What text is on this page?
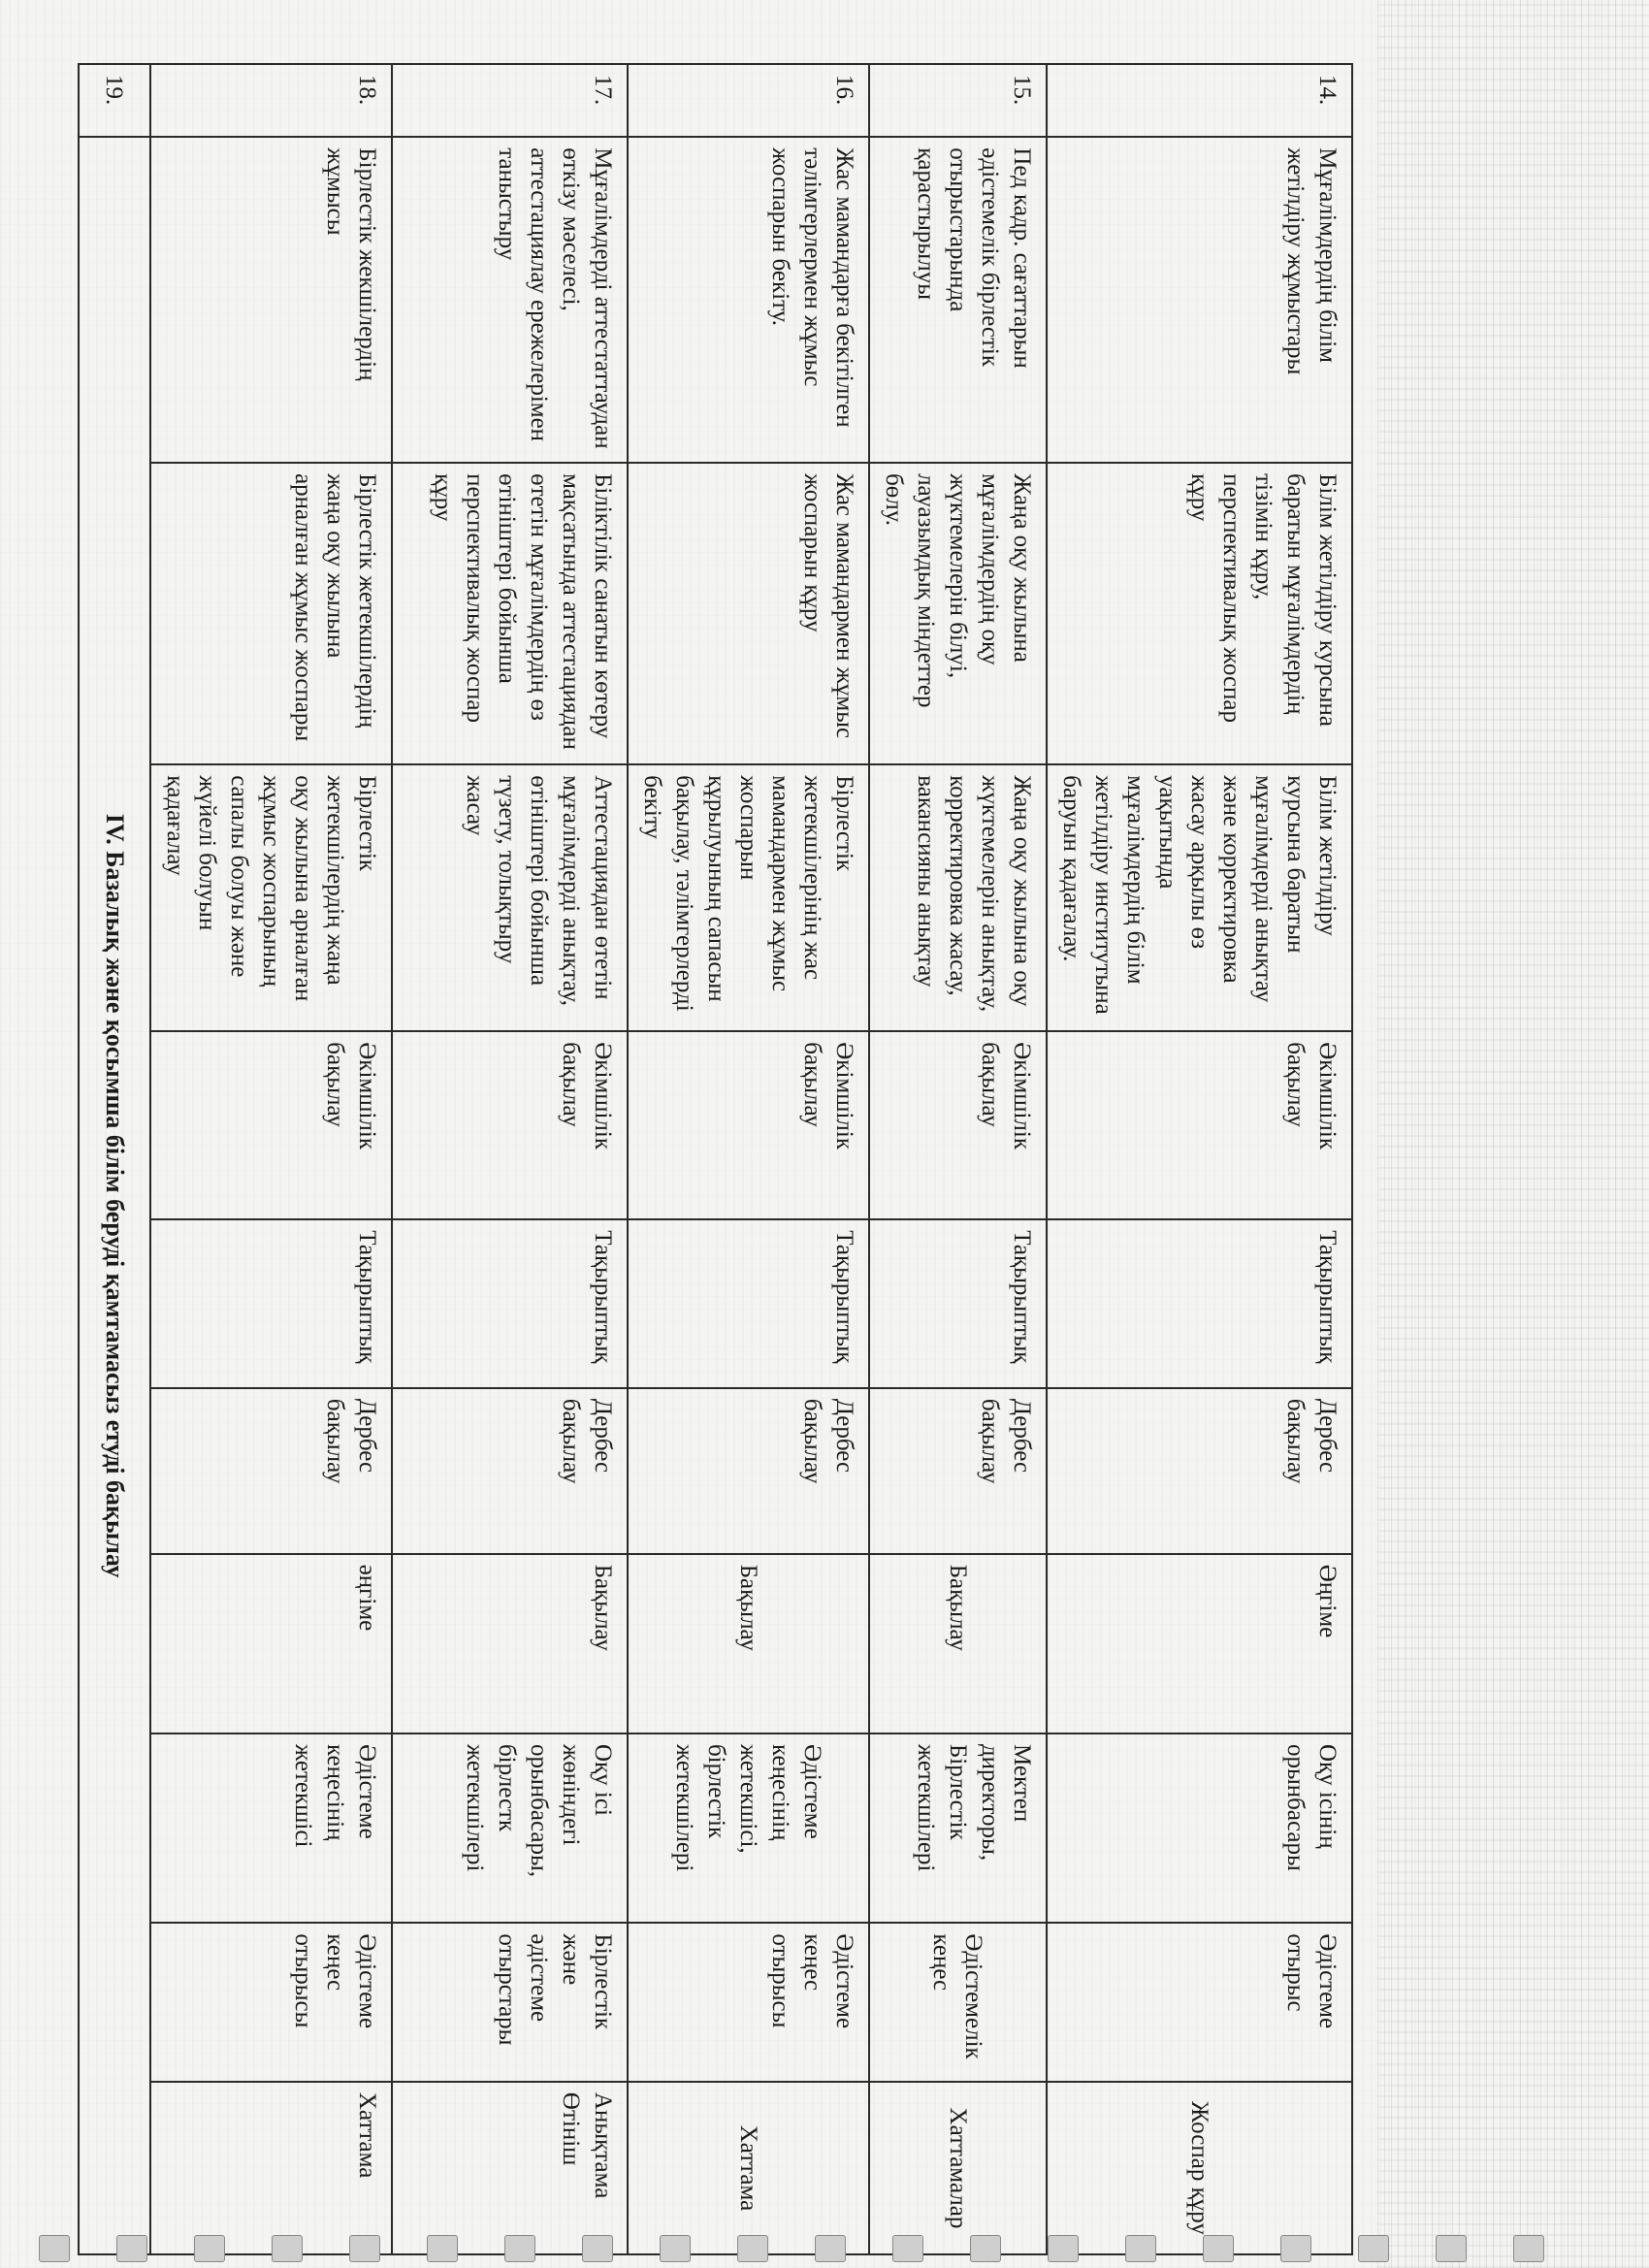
14.	Мұғалімдердің білім жетілдіру жұмыстары	Білім жетілдіру курсына баратын мұғалімдердің тізімін құру, перспективалық жоспар құру	Білім жетілдіру курсына баратын мұғалімдерді анықтау және корректировка жасау арқылы өз уақытында мұғалімдердің білім жетілдіру институтына баруын қадағалау.	Әкімшілік бақылау	Тақырыптық	Дербес бақылау	Әңгіме	Оқу ісінің орынбасары	Әдістеме отырыс	Жоспар құру
15.	Пед кадр. сағаттарын әдістемелік бірлестік отырыстарында қарастырылуы	Жаңа оқу жылына мұғалімдердің оқу жүктемелерін білуі, лауазымдық міндеттер бөлу.	Жаңа оқу жылына оқу жүктемелерін анықтау, корректировка жасау, вакансияны анықтау	Әкімшілік бақылау	Тақырыптық	Дербес бақылау	Бақылау	Мектеп директоры, Бірлестік жетекшілері	Әдістемелік кеңес	Хаттамалар
16.	Жас мамандарға бекітілген тәлімгерлермен жұмыс жоспарын бекіту.	Жас мамандармен жұмыс жоспарын құру	Бірлестік жетекшілерінің жас мамандармен жұмыс жоспарын құрылуының сапасын бақылау, тәлімгерлерді бекіту	Әкімшілік бақылау	Тақырыптық	Дербес бақылау	Бақылау	Әдістеме кеңесінің жетекшісі, бірлестік жетекшілері	Әдістеме кеңес отырысы	Хаттама
17.	Мұғалімдерді аттестаттаудан өткізу мәселесі, аттестациялау ережелерімен таныстыру	Біліктілік санатын көтеру мақсатында аттестациядан өтетін мұғалімдердің өз өтініштері бойынша перспективалық жоспар құру	Аттестациядан өтетін мұғалімдерді анықтау, өтініштері бойынша түзету, толықтыру жасау	Әкімшілік бақылау	Тақырыптық	Дербес бақылау	Бақылау	Оқу ісі жөніндегі орынбасары, бірлестк жетекшілері	Бірлестік және әдістеме отырстары	Анықтама Өтініш
18.	Бірлестік жекшілердің жұмысы	Бірлестік жетекшілердің жаңа оқу жылына арналған жұмыс жоспары	Бірлестік жетекшілердің жаңа оқу жылына арналған жұмыс жоспарының сапалы болуы және жүйелі болуын қадағалау	Әкімшілік бақылау	Тақырыптық	Дербес бақылау	әңгіме	Әдістеме кеңесінің жетекшісі	Әдістеме кеңес отырысы	Хаттама
19.	IV. Базалық және қосымша білім беруді қамтамасыз етуді бақылау									
